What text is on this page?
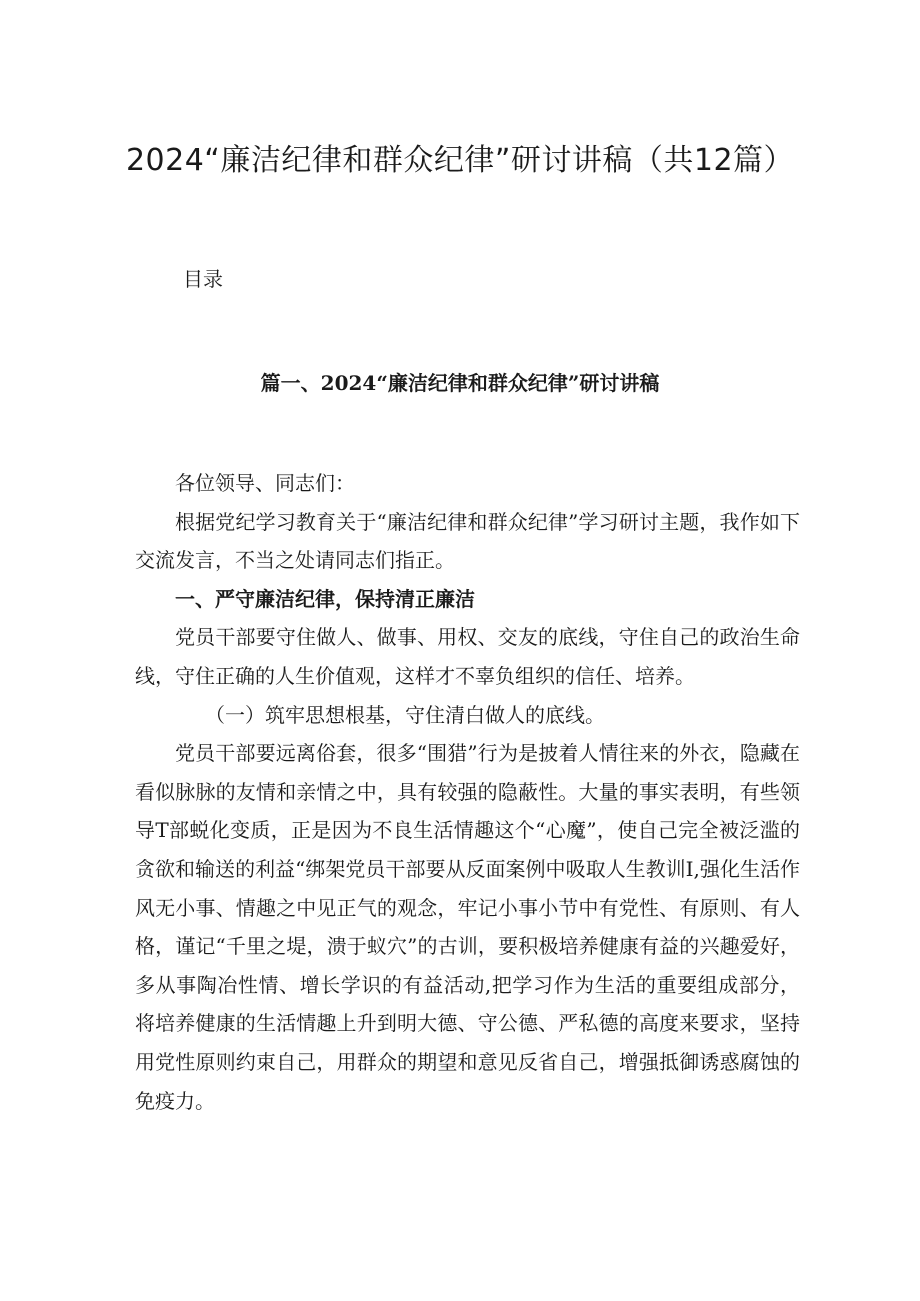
2024“廉洁纪律和群众纪律”研讨讲稿（共12篇）

目录

篇一、2024“廉洁纪律和群众纪律”研讨讲稿

各位领导、同志们：

根据党纪学习教育关于“廉洁纪律和群众纪律”学习研讨主题，我作如下交流发言，不当之处请同志们指正。

一、严守廉洁纪律，保持清正廉洁

党员干部要守住做人、做事、用权、交友的底线，守住自己的政治生命线，守住正确的人生价值观，这样才不辜负组织的信任、培养。

（一）筑牢思想根基，守住清白做人的底线。

党员干部要远离俗套，很多“围猎”行为是披着人情往来的外衣，隐藏在看似脉脉的友情和亲情之中，具有较强的隐蔽性。大量的事实表明，有些领导T部蜕化变质，正是因为不良生活情趣这个“心魔”，使自己完全被泛滥的贪欲和输送的利益“绑架党员干部要从反面案例中吸取人生教训I,强化生活作风无小事、情趣之中见正气的观念，牢记小事小节中有党性、有原则、有人格，谨记“千里之堤，溃于蚁穴”的古训，要积极培养健康有益的兴趣爱好，多从事陶冶性情、增长学识的有益活动,把学习作为生活的重要组成部分，将培养健康的生活情趣上升到明大德、守公德、严私德的高度来要求，坚持用党性原则约束自己，用群众的期望和意见反省自己，增强抵御诱惑腐蚀的免疫力。
